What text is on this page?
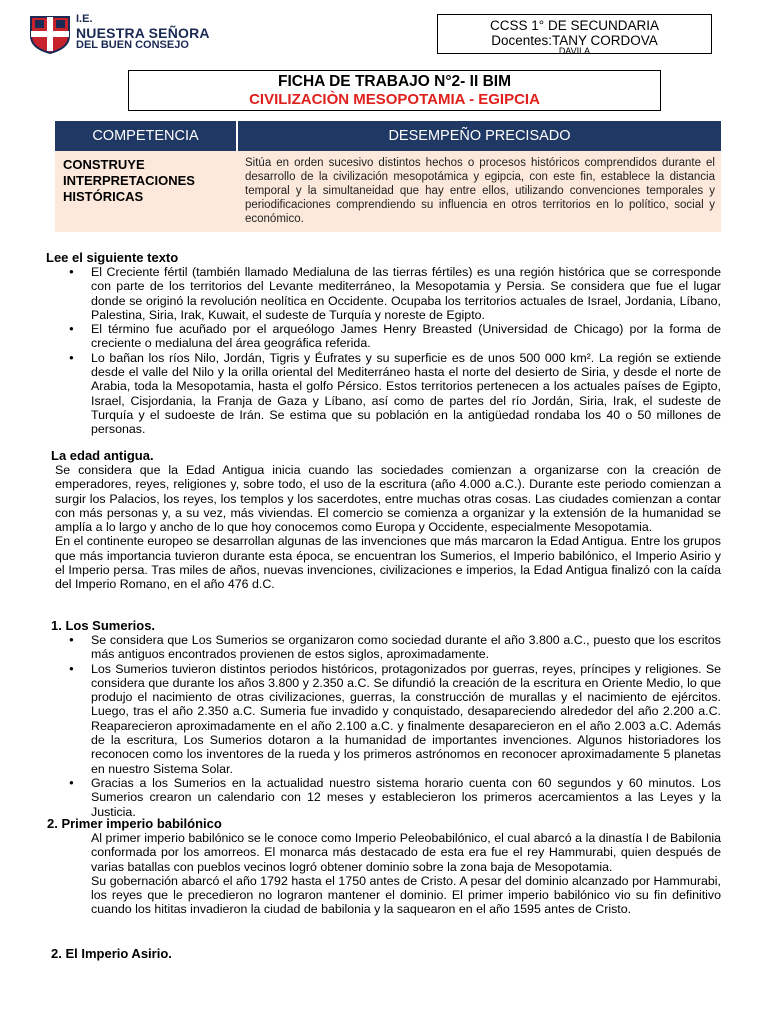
I.E.
NUESTRA SEÑORA
DEL BUEN CONSEJO
CCSS 1° DE SECUNDARIA
Docentes:TANY CORDOVA
DAVILA
FICHA DE TRABAJO N°2- II BIM
CIVILIZACIÒN MESOPOTAMIA - EGIPCIA
COMPETENCIA	DESEMPEÑO PRECISADO
CONSTRUYE INTERPRETACIONES HISTÓRICAS	Sitúa en orden sucesivo distintos hechos o procesos históricos comprendidos durante el desarrollo de la civilización mesopotámica y egipcia, con este fin, establece la distancia temporal y la simultaneidad que hay entre ellos, utilizando convenciones temporales y periodificaciones comprendiendo su influencia en otros territorios en lo político, social y económico.
Lee el siguiente texto
● El Creciente fértil (también llamado Medialuna de las tierras fértiles) es una región histórica que se corresponde con parte de los territorios del Levante mediterráneo, la Mesopotamia y Persia. Se considera que fue el lugar donde se originó la revolución neolítica en Occidente. Ocupaba los territorios actuales de Israel, Jordania, Líbano, Palestina, Siria, Irak, Kuwait, el sudeste de Turquía y noreste de Egipto.
● El término fue acuñado por el arqueólogo James Henry Breasted (Universidad de Chicago) por la forma de creciente o medialuna del área geográfica referida.
● Lo bañan los ríos Nilo, Jordán, Tigris y Éufrates y su superficie es de unos 500 000 km². La región se extiende desde el valle del Nilo y la orilla oriental del Mediterráneo hasta el norte del desierto de Siria, y desde el norte de Arabia, toda la Mesopotamia, hasta el golfo Pérsico. Estos territorios pertenecen a los actuales países de Egipto, Israel, Cisjordania, la Franja de Gaza y Líbano, así como de partes del río Jordán, Siria, Irak, el sudeste de Turquía y el sudoeste de Irán. Se estima que su población en la antigüedad rondaba los 40 o 50 millones de personas.
La edad antigua.
Se considera que la Edad Antigua inicia cuando las sociedades comienzan a organizarse con la creación de emperadores, reyes, religiones y, sobre todo, el uso de la escritura (año 4.000 a.C.). Durante este periodo comienzan a surgir los Palacios, los reyes, los templos y los sacerdotes, entre muchas otras cosas. Las ciudades comienzan a contar con más personas y, a su vez, más viviendas. El comercio se comienza a organizar y la extensión de la humanidad se amplía a lo largo y ancho de lo que hoy conocemos como Europa y Occidente, especialmente Mesopotamia.
En el continente europeo se desarrollan algunas de las invenciones que más marcaron la Edad Antigua. Entre los grupos que más importancia tuvieron durante esta época, se encuentran los Sumerios, el Imperio babilónico, el Imperio Asirio y el Imperio persa. Tras miles de años, nuevas invenciones, civilizaciones e imperios, la Edad Antigua finalizó con la caída del Imperio Romano, en el año 476 d.C.
1. Los Sumerios.
● Se considera que Los Sumerios se organizaron como sociedad durante el año 3.800 a.C., puesto que los escritos más antiguos encontrados provienen de estos siglos, aproximadamente.
● Los Sumerios tuvieron distintos periodos históricos, protagonizados por guerras, reyes, príncipes y religiones. Se considera que durante los años 3.800 y 2.350 a.C. Se difundió la creación de la escritura en Oriente Medio, lo que produjo el nacimiento de otras civilizaciones, guerras, la construcción de murallas y el nacimiento de ejércitos. Luego, tras el año 2.350 a.C. Sumeria fue invadido y conquistado, desapareciendo alrededor del año 2.200 a.C. Reaparecieron aproximadamente en el año 2.100 a.C. y finalmente desaparecieron en el año 2.003 a.C. Además de la escritura, Los Sumerios dotaron a la humanidad de importantes invenciones. Algunos historiadores los reconocen como los inventores de la rueda y los primeros astrónomos en reconocer aproximadamente 5 planetas en nuestro Sistema Solar.
● Gracias a los Sumerios en la actualidad nuestro sistema horario cuenta con 60 segundos y 60 minutos. Los Sumerios crearon un calendario con 12 meses y establecieron los primeros acercamientos a las Leyes y la Justicia.
2. Primer imperio babilónico
Al primer imperio babilónico se le conoce como Imperio Peleobabilónico, el cual abarcó a la dinastía I de Babilonia conformada por los amorreos. El monarca más destacado de esta era fue el rey Hammurabi, quien después de varias batallas con pueblos vecinos logró obtener dominio sobre la zona baja de Mesopotamia.
Su gobernación abarcó el año 1792 hasta el 1750 antes de Cristo. A pesar del dominio alcanzado por Hammurabi, los reyes que le precedieron no lograron mantener el dominio. El primer imperio babilónico vio su fin definitivo cuando los hititas invadieron la ciudad de babilonia y la saquearon en el año 1595 antes de Cristo.
2. El Imperio Asirio.
